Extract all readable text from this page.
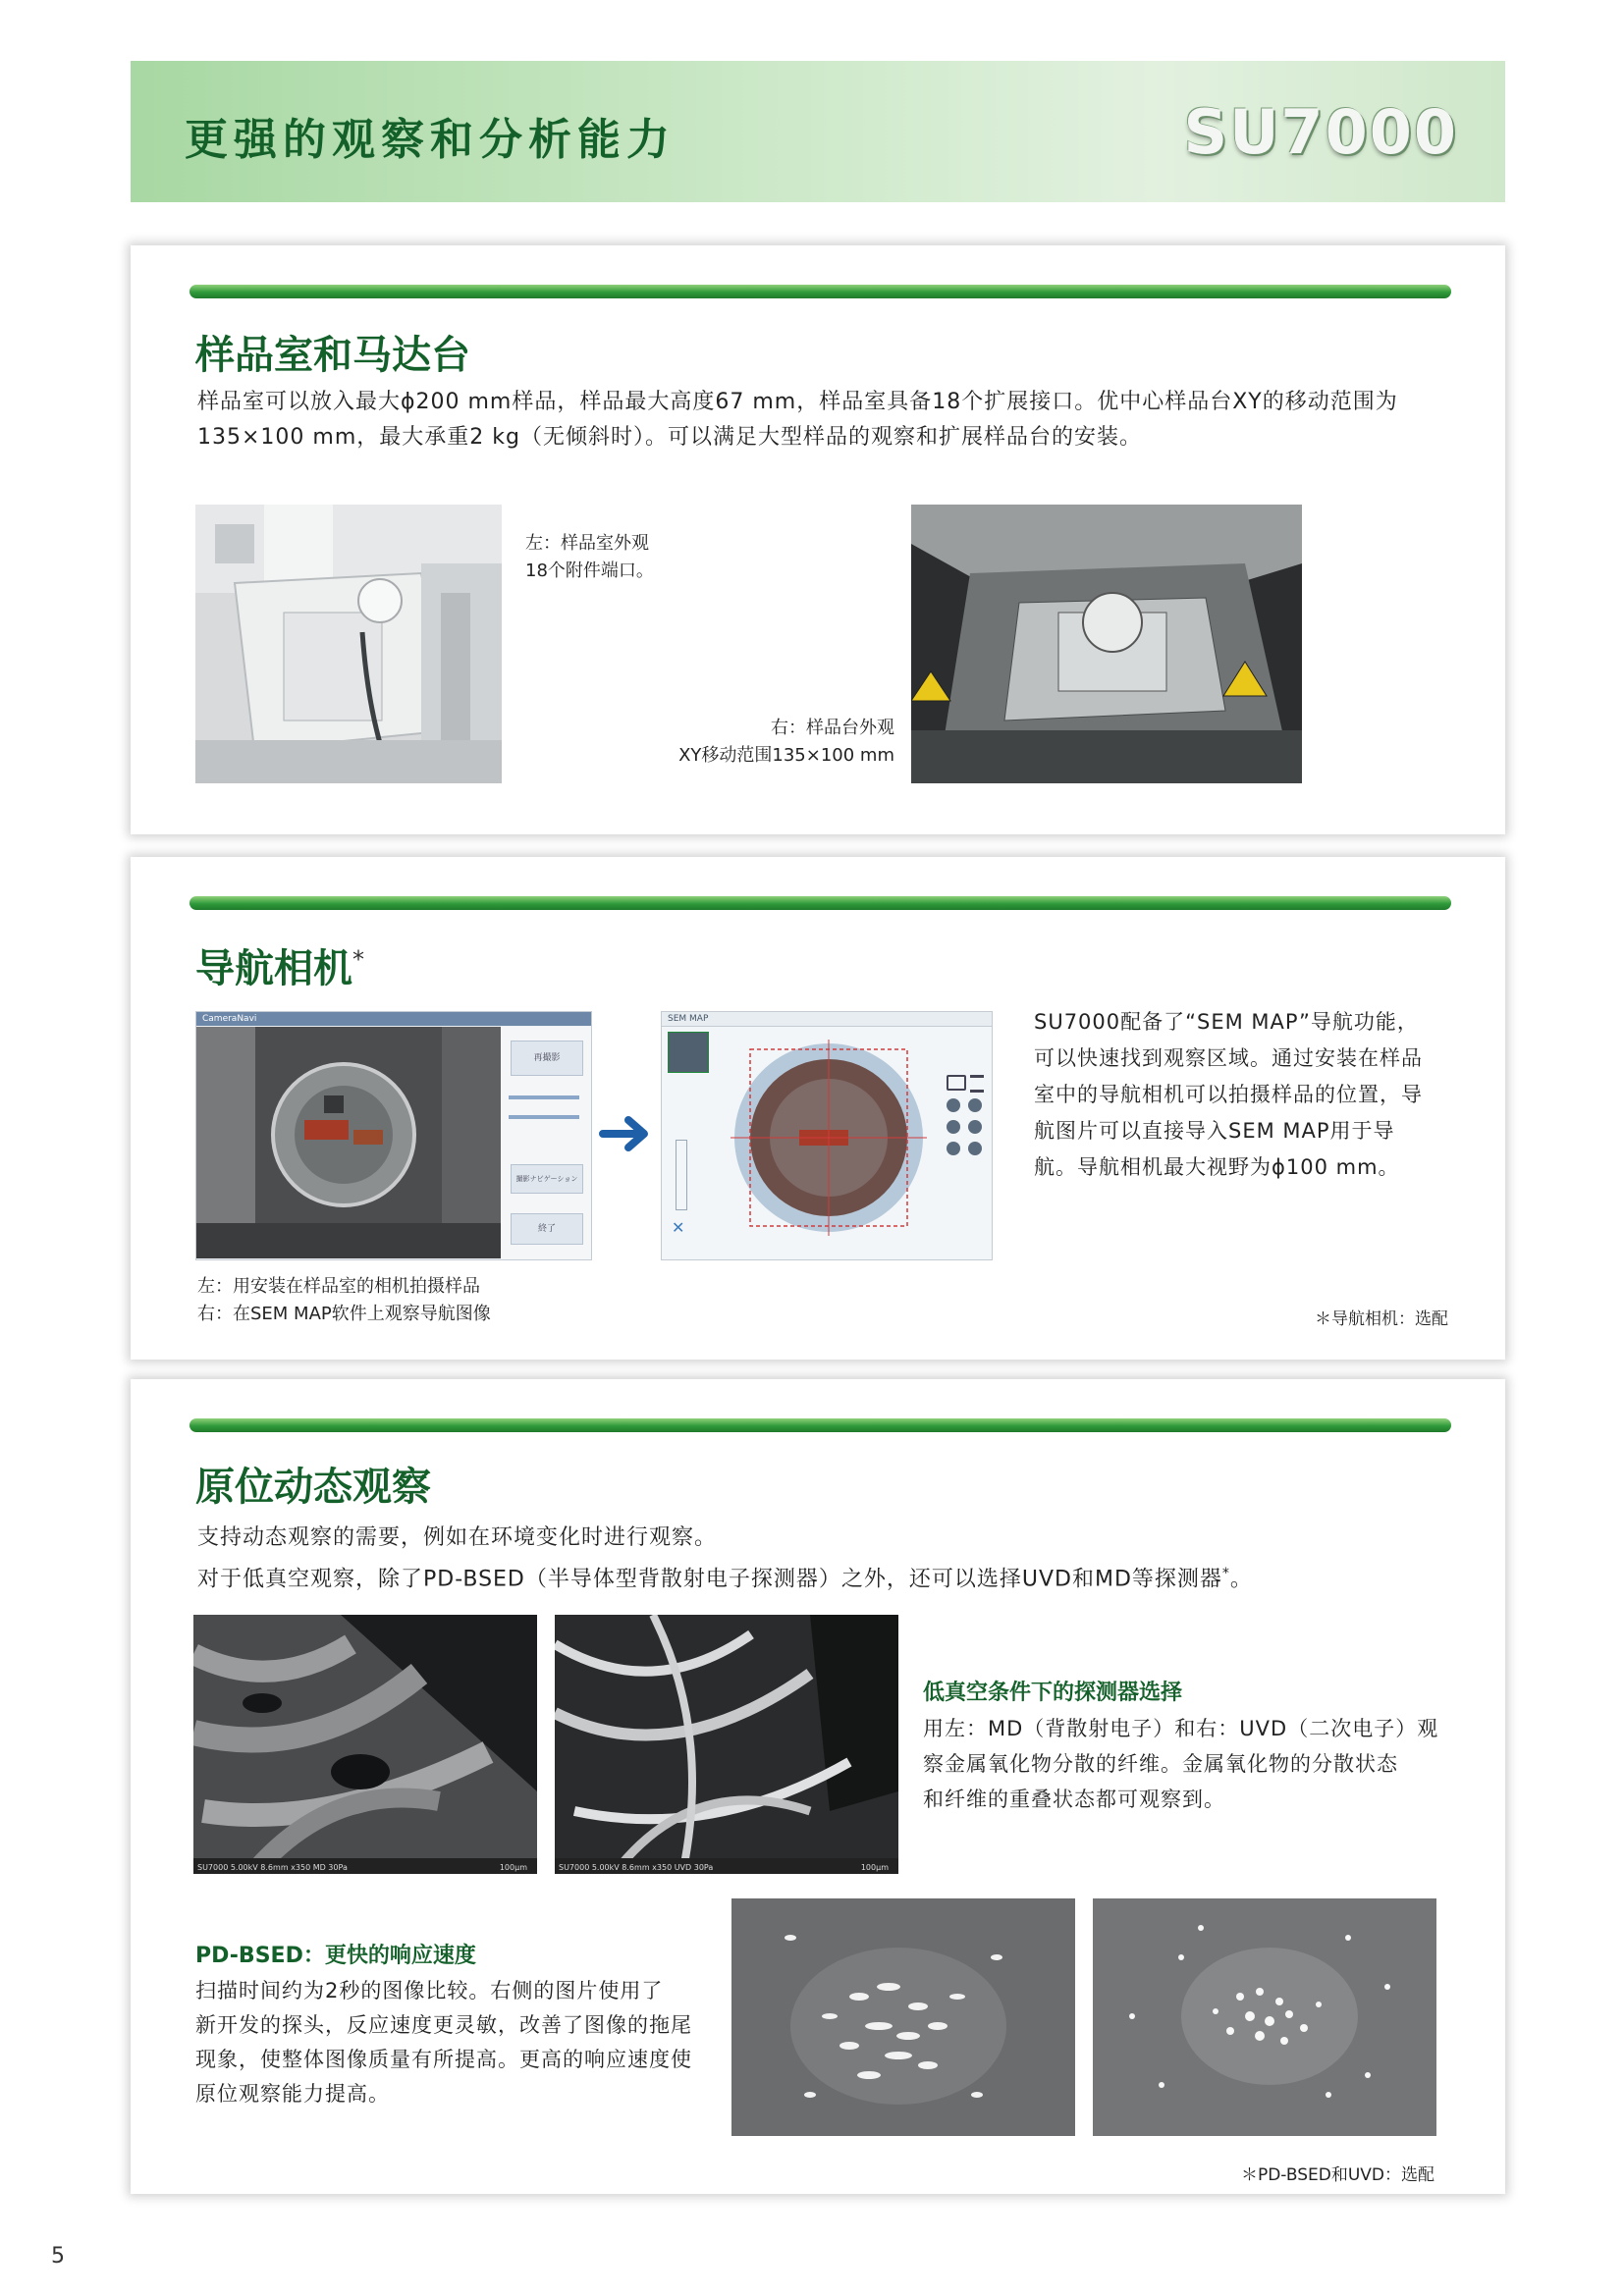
更强的观察和分析能力	SU7000
样品室和马达台

样品室可以放入最大ϕ200 mm样品，样品最大高度67 mm，样品室具备18个扩展接口。优中心样品台XY的移动范围为

135×100 mm，最大承重2 kg（无倾斜时）。可以满足大型样品的观察和扩展样品台的安装。

左：样品室外观

18个附件端口。

右：样品台外观

XY移动范围135×100 mm

导航相机*
CameraNavi
再撮影
撮影ナビゲーション
終了
SEM MAP
✕

SU7000配备了“SEM MAP”导航功能，

可以快速找到观察区域。通过安装在样品

室中的导航相机可以拍摄样品的位置，导

航图片可以直接导入SEM MAP用于导

航。导航相机最大视野为ϕ100 mm。

左：用安装在样品室的相机拍摄样品

右：在SEM MAP软件上观察导航图像	＊导航相机：选配
原位动态观察

支持动态观察的需要，例如在环境变化时进行观察。

对于低真空观察，除了PD-BSED（半导体型背散射电子探测器）之外，还可以选择UVD和MD等探测器*。

SU7000 5.00kV 8.6mm x350 MD 30Pa	100μm	SU7000 5.00kV 8.6mm x350 UVD 30Pa	100μm
低真空条件下的探测器选择

用左：MD（背散射电子）和右：UVD（二次电子）观

察金属氧化物分散的纤维。金属氧化物的分散状态

和纤维的重叠状态都可观察到。

PD-BSED：更快的响应速度

扫描时间约为2秒的图像比较。右侧的图片使用了

新开发的探头，反应速度更灵敏，改善了图像的拖尾

现象，使整体图像质量有所提高。更高的响应速度使

原位观察能力提高。

＊PD-BSED和UVD：选配
5
